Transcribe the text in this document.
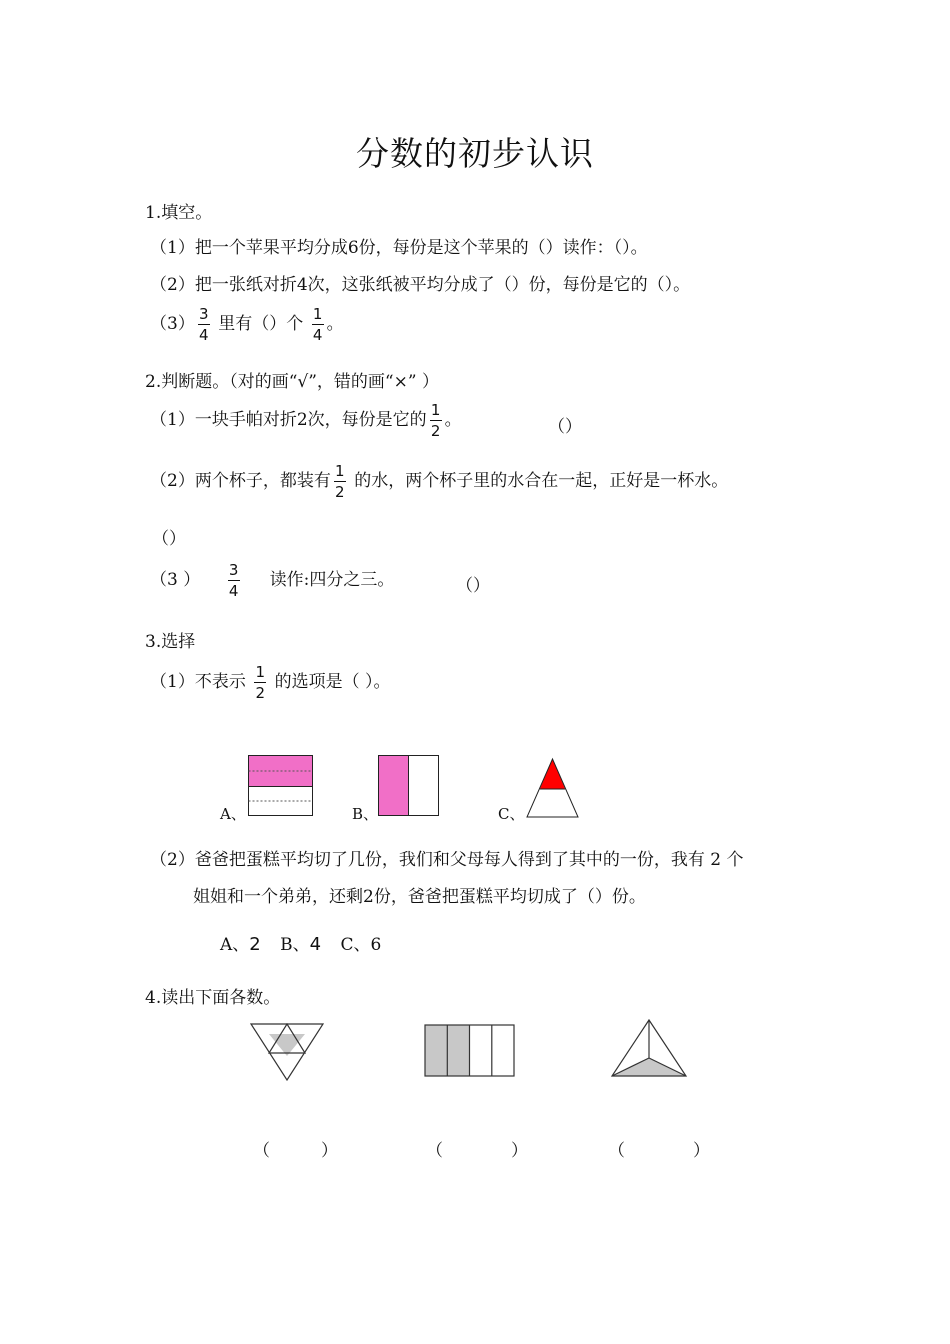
分数的初步认识
1.填空。
（1）把一个苹果平均分成6份，每份是这个苹果的（）读作：（）。
（2）把一张纸对折4次，这张纸被平均分成了（）份，每份是它的（）。
$(3) \frac{3}{4}$ 里有（）个 $\frac{1}{4}$ 。
2.判断题。（对的画“√”，错的画“×” ）
（1）一块手帕对折2次，每份是它的 $\frac{1}{2}$ 。	（）
（2）两个杯子，都装有 $\frac{1}{2}$ 的水，两个杯子里的水合在一起，正好是一杯水。
（）
（3 ） $\frac{3}{4}$ 读作:四分之三。	（）
3.选择
（1）不表示 $\frac{1}{2}$ 的选项是（ ）。
A、	B、	C、
（2）爸爸把蛋糕平均切了几份，我们和父母每人得到了其中的一份，我有 2 个
姐姐和一个弟弟，还剩2份，爸爸把蛋糕平均切成了（）份。
A、2 B、4 C、6
4.读出下面各数。
（　　　）	（　　　　）	（　　　　）
